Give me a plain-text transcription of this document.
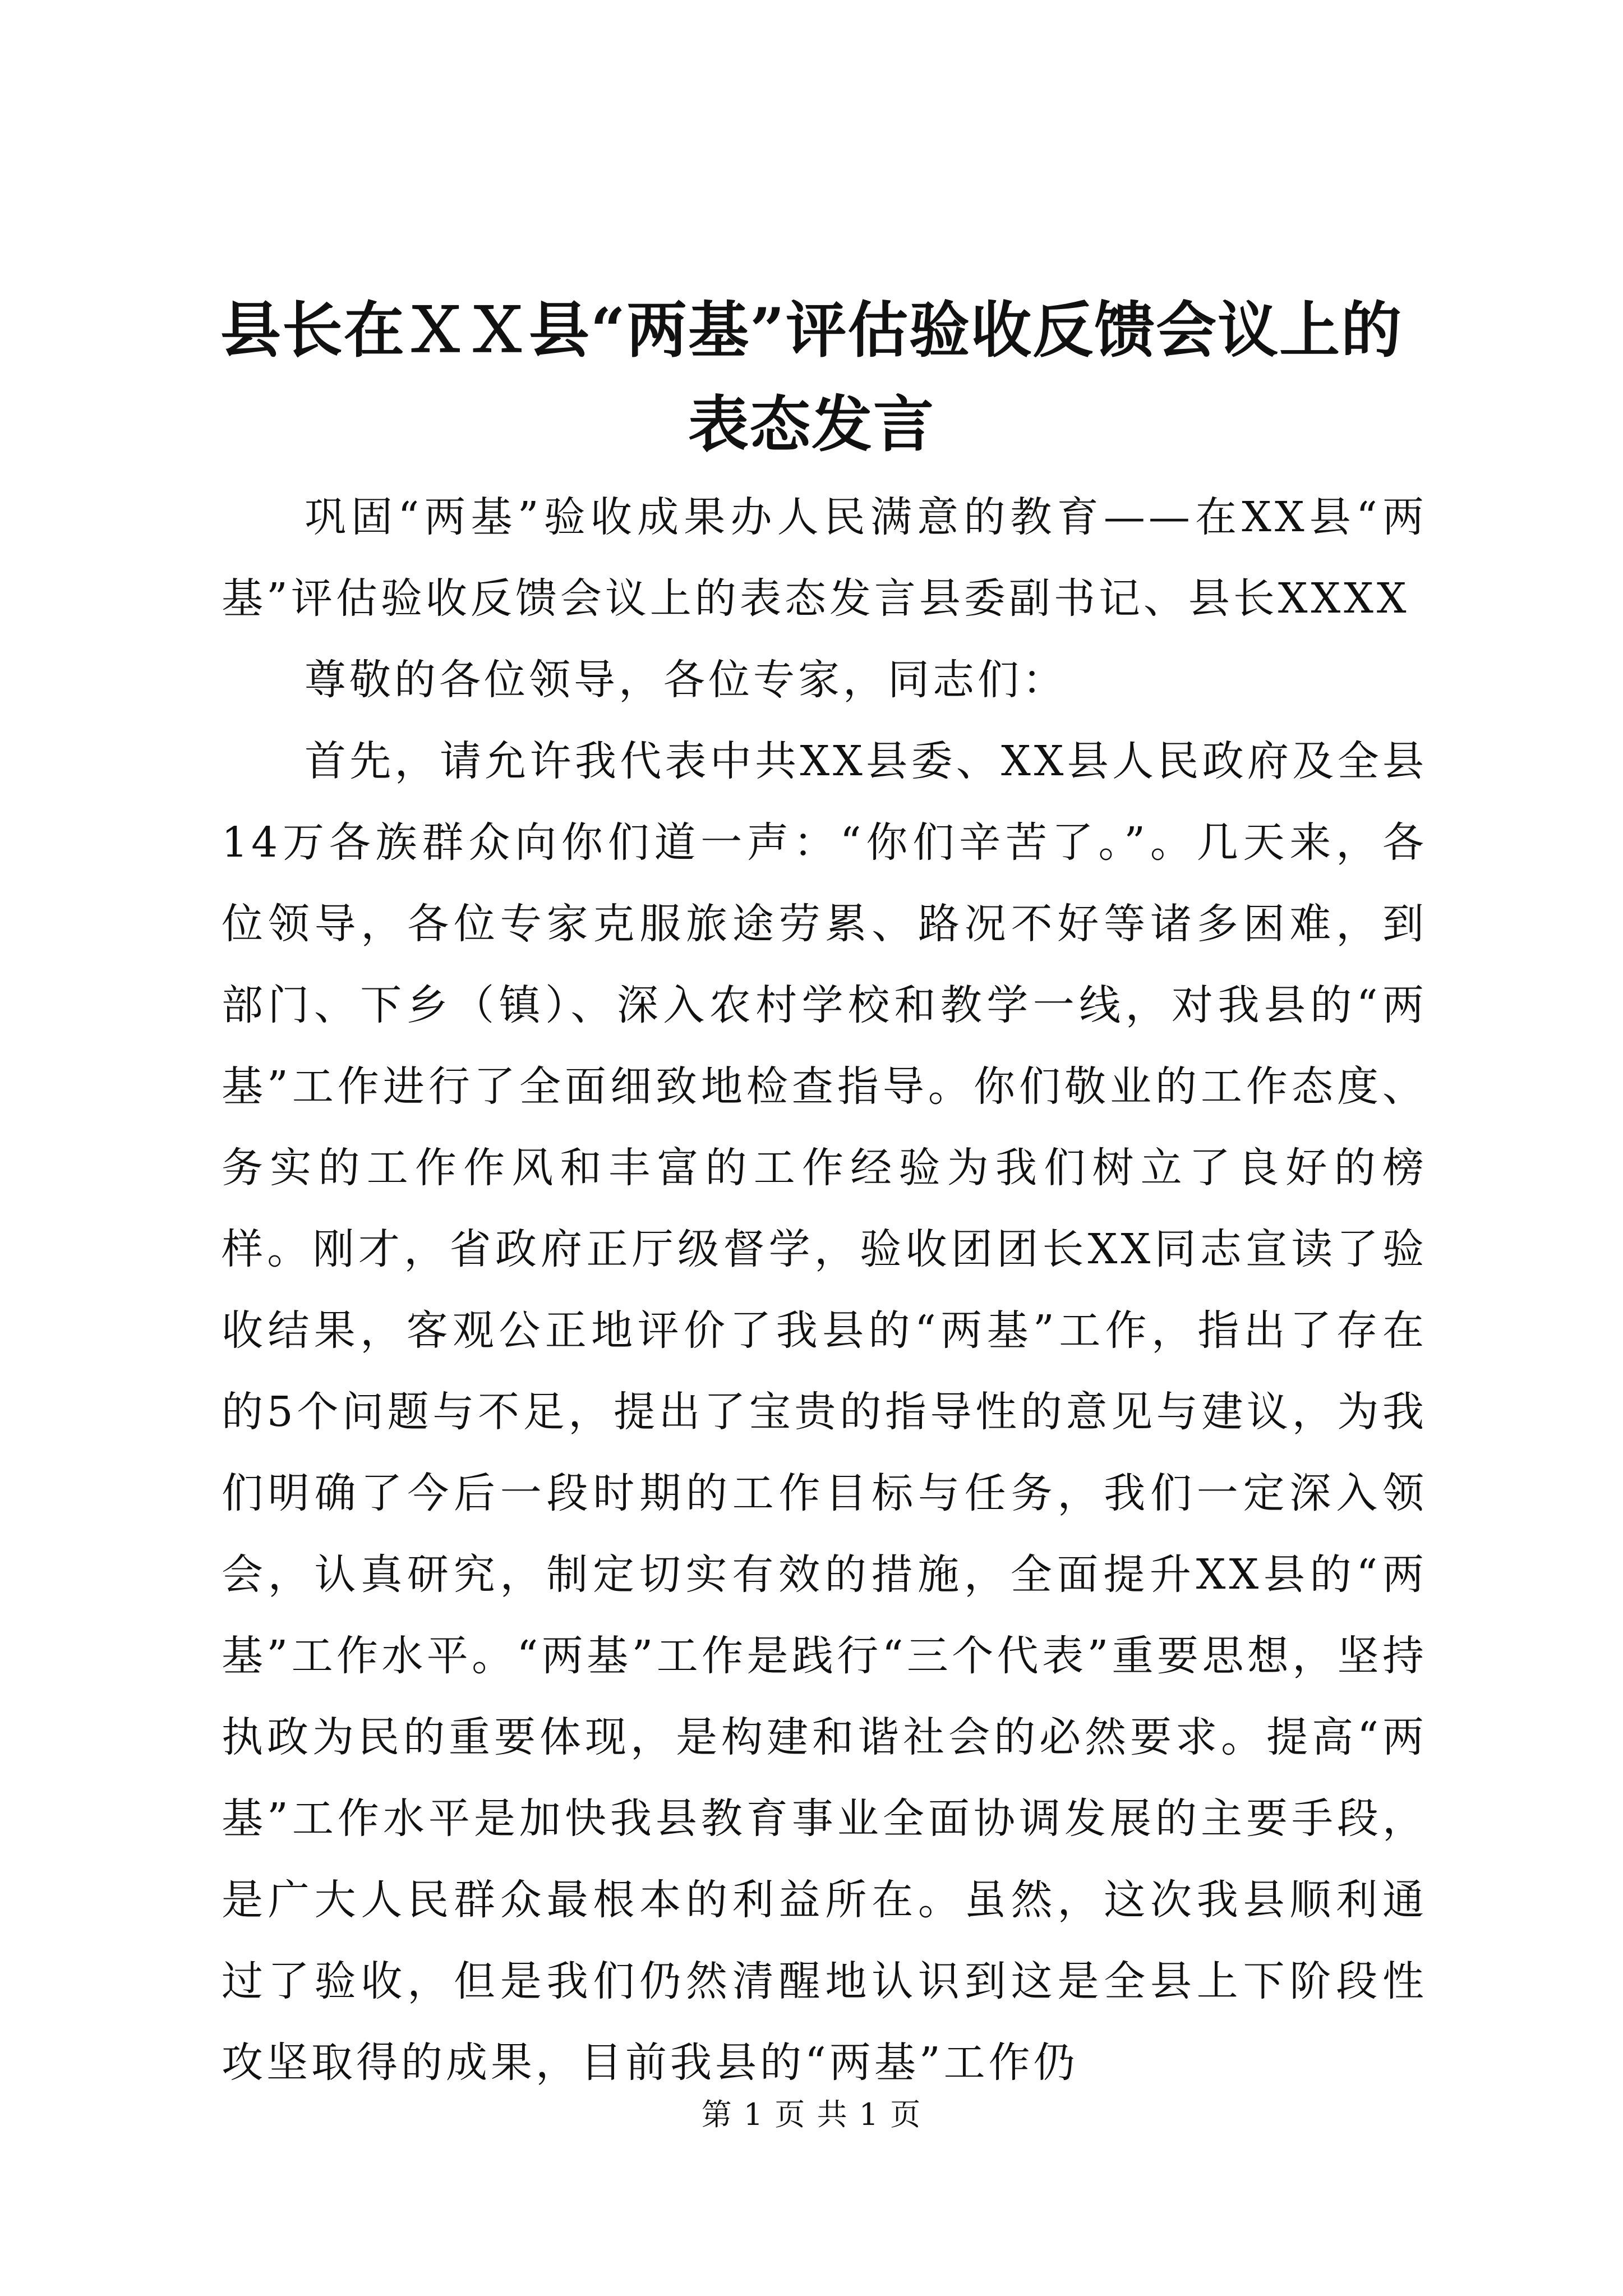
县长在ＸＸ县“两基”评估验收反馈会议上的
表态发言

巩固“两基”验收成果办人民满意的教育——在XX县“两基”评估验收反馈会议上的表态发言县委副书记、县长XXXX

尊敬的各位领导，各位专家，同志们：

首先，请允许我代表中共XX县委、XX县人民政府及全县14万各族群众向你们道一声：“你们辛苦了。”。几天来，各位领导，各位专家克服旅途劳累、路况不好等诸多困难，到部门、下乡（镇）、深入农村学校和教学一线，对我县的“两基”工作进行了全面细致地检查指导。你们敬业的工作态度、务实的工作作风和丰富的工作经验为我们树立了良好的榜样。刚才，省政府正厅级督学，验收团团长XX同志宣读了验收结果，客观公正地评价了我县的“两基”工作，指出了存在的5个问题与不足，提出了宝贵的指导性的意见与建议，为我们明确了今后一段时期的工作目标与任务，我们一定深入领会，认真研究，制定切实有效的措施，全面提升XX县的“两基”工作水平。“两基”工作是践行“三个代表”重要思想，坚持执政为民的重要体现，是构建和谐社会的必然要求。提高“两基”工作水平是加快我县教育事业全面协调发展的主要手段，是广大人民群众最根本的利益所在。虽然，这次我县顺利通过了验收，但是我们仍然清醒地认识到这是全县上下阶段性攻坚取得的成果，目前我县的“两基”工作仍

第 1 页 共 1 页
